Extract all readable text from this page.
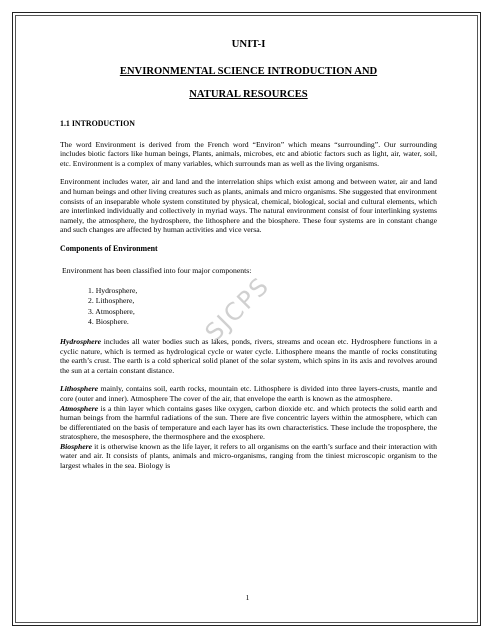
UNIT-I
ENVIRONMENTAL SCIENCE INTRODUCTION AND
NATURAL RESOURCES
1.1 INTRODUCTION

The word Environment is derived from the French word “Environ” which means “surrounding”. Our surrounding includes biotic factors like human beings, Plants, animals, microbes, etc and abiotic factors such as light, air, water, soil, etc. Environment is a complex of many variables, which surrounds man as well as the living organisms.

Environment includes water, air and land and the interrelation ships which exist among and between water, air and land and human beings and other living creatures such as plants, animals and micro organisms. She suggested that environment consists of an inseparable whole system constituted by physical, chemical, biological, social and cultural elements, which are interlinked individually and collectively in myriad ways. The natural environment consist of four interlinking systems namely, the atmosphere, the hydrosphere, the lithosphere and the biosphere. These four systems are in constant change and such changes are affected by human activities and vice versa.

Components of Environment

Environment has been classified into four major components:

1. Hydrosphere,
2. Lithosphere,
3. Atmosphere,
4. Biosphere.

Hydrosphere includes all water bodies such as lakes, ponds, rivers, streams and ocean etc. Hydrosphere functions in a cyclic nature, which is termed as hydrological cycle or water cycle. Lithosphere means the mantle of rocks constituting the earth’s crust. The earth is a cold spherical solid planet of the solar system, which spins in its axis and revolves around the sun at a certain constant distance.

Lithosphere mainly, contains soil, earth rocks, mountain etc. Lithosphere is divided into three layers-crusts, mantle and core (outer and inner). Atmosphere The cover of the air, that envelope the earth is known as the atmosphere.

Atmosphere is a thin layer which contains gases like oxygen, carbon dioxide etc. and which protects the solid earth and human beings from the harmful radiations of the sun. There are five concentric layers within the atmosphere, which can be differentiated on the basis of temperature and each layer has its own characteristics. These include the troposphere, the stratosphere, the mesosphere, the thermosphere and the exosphere.

Biosphere it is otherwise known as the life layer, it refers to all organisms on the earth’s surface and their interaction with water and air. It consists of plants, animals and micro-organisms, ranging from the tiniest microscopic organism to the largest whales in the sea. Biology is

SJCPS
1
